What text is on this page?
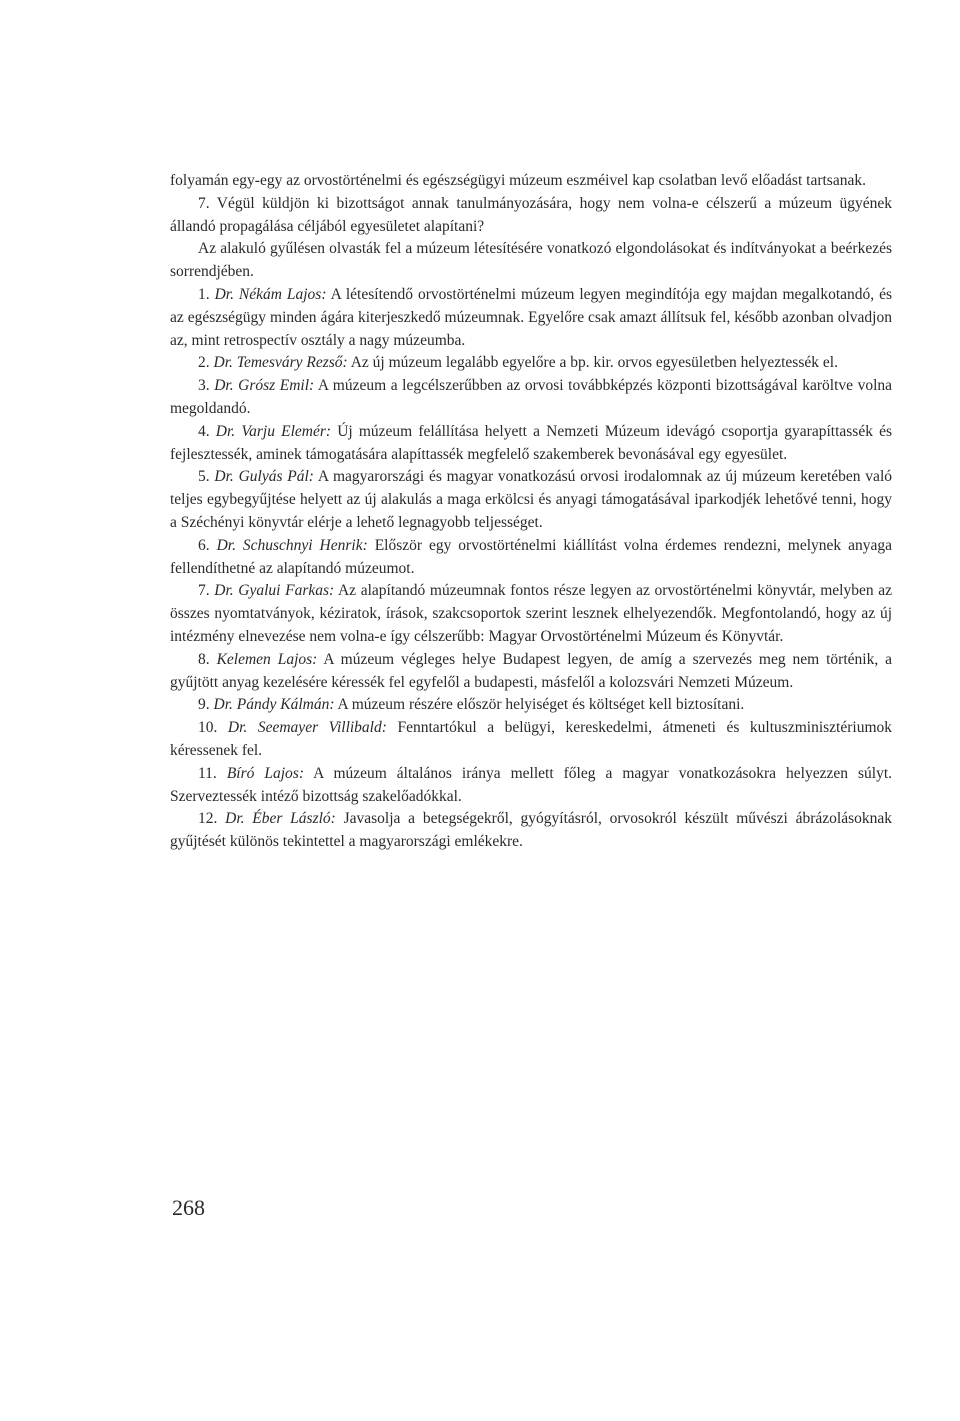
folyamán egy-egy az orvostörténelmi és egészségügyi múzeum eszméivel kap csolatban levő előadást tartsanak.

7. Végül küldjön ki bizottságot annak tanulmányozására, hogy nem volna-e célszerű a múzeum ügyének állandó propagálása céljából egyesületet alapítani?

Az alakuló gyűlésen olvasták fel a múzeum létesítésére vonatkozó elgondolásokat és indítványokat a beérkezés sorrendjében.

1. Dr. Nékám Lajos: A létesítendő orvostörténelmi múzeum legyen megindítója egy majdan megalkotandó, és az egészségügy minden ágára kiterjeszkedő múzeumnak. Egyelőre csak amazt állítsuk fel, később azonban olvadjon az, mint retrospectív osztály a nagy múzeumba.

2. Dr. Temesváry Rezső: Az új múzeum legalább egyelőre a bp. kir. orvos egyesületben helyeztessék el.

3. Dr. Grósz Emil: A múzeum a legcélszerűbben az orvosi továbbképzés központi bizottságával karöltve volna megoldandó.

4. Dr. Varju Elemér: Új múzeum felállítása helyett a Nemzeti Múzeum idevágó csoportja gyarapíttassék és fejlesztessék, aminek támogatására alapíttassék megfelelő szakemberek bevonásával egy egyesület.

5. Dr. Gulyás Pál: A magyarországi és magyar vonatkozású orvosi irodalomnak az új múzeum keretében való teljes egybegyűjtése helyett az új alakulás a maga erkölcsi és anyagi támogatásával iparkodjék lehetővé tenni, hogy a Széchényi könyvtár elérje a lehető legnagyobb teljességet.

6. Dr. Schuschnyi Henrik: Először egy orvostörténelmi kiállítást volna érdemes rendezni, melynek anyaga fellendíthetné az alapítandó múzeumot.

7. Dr. Gyalui Farkas: Az alapítandó múzeumnak fontos része legyen az orvostörténelmi könyvtár, melyben az összes nyomtatványok, kéziratok, írások, szakcsoportok szerint lesznek elhelyezendők. Megfontolandó, hogy az új intézmény elnevezése nem volna-e így célszerűbb: Magyar Orvostörténelmi Múzeum és Könyvtár.

8. Kelemen Lajos: A múzeum végleges helye Budapest legyen, de amíg a szervezés meg nem történik, a gyűjtött anyag kezelésére kéressék fel egyfelől a budapesti, másfelől a kolozsvári Nemzeti Múzeum.

9. Dr. Pándy Kálmán: A múzeum részére először helyiséget és költséget kell biztosítani.

10. Dr. Seemayer Villibald: Fenntartókul a belügyi, kereskedelmi, átmeneti és kultuszminisztériumok kéressenek fel.

11. Bíró Lajos: A múzeum általános iránya mellett főleg a magyar vonatkozásokra helyezzen súlyt. Szerveztessék intéző bizottság szakelőadókkal.

12. Dr. Éber László: Javasolja a betegségekről, gyógyításról, orvosokról készült művészi ábrázolásoknak gyűjtését különös tekintettel a magyarországi emlékekre.

268
